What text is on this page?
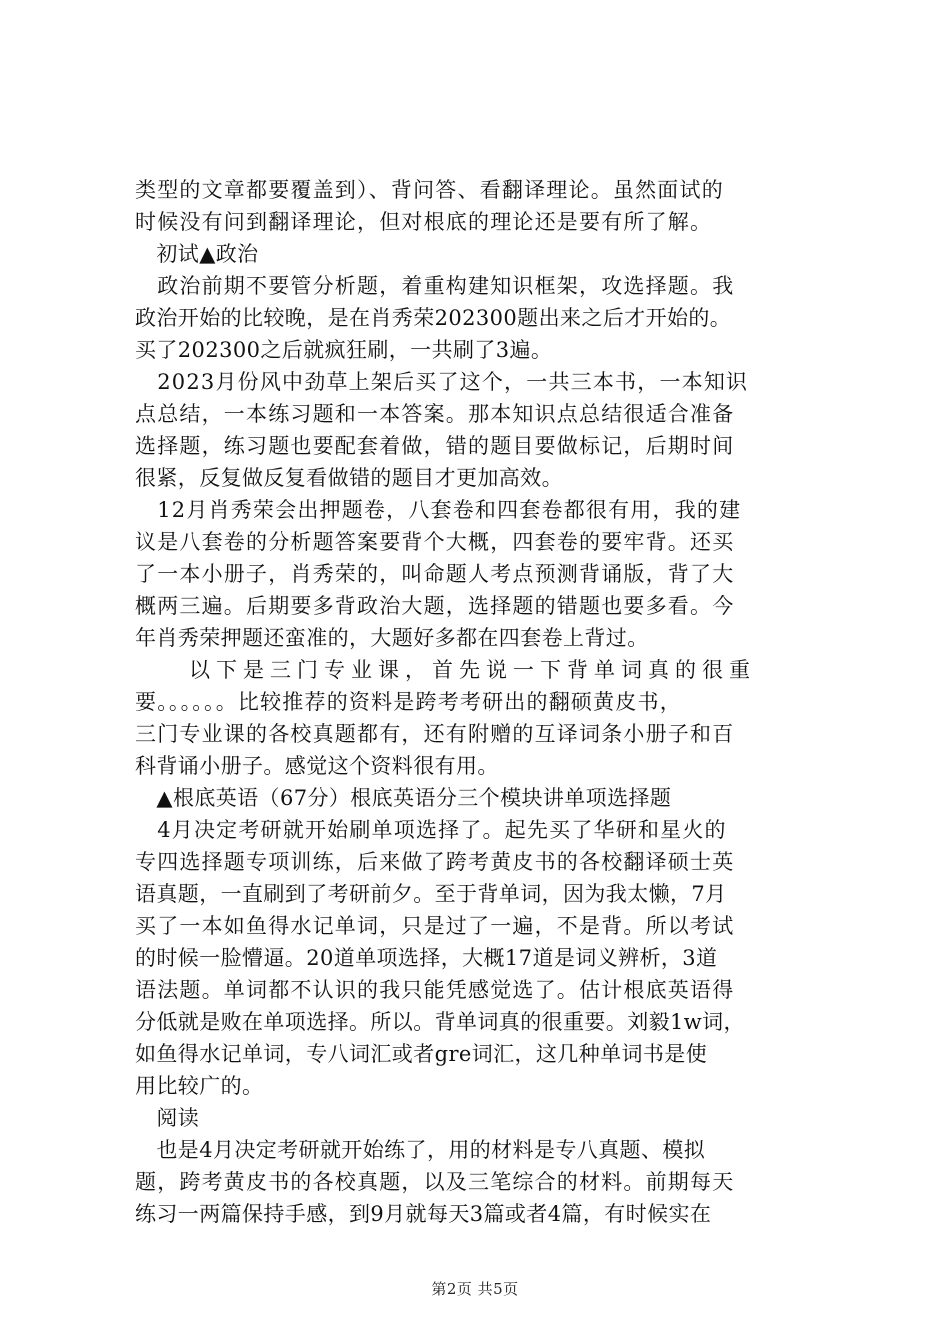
类型的文章都要覆盖到）、背问答、看翻译理论。虽然面试的
时候没有问到翻译理论，但对根底的理论还是要有所了解。
　初试▲政治
　政治前期不要管分析题，着重构建知识框架，攻选择题。我
政治开始的比较晚，是在肖秀荣202300题出来之后才开始的。
买了202300之后就疯狂刷，一共刷了3遍。
　2023月份风中劲草上架后买了这个，一共三本书，一本知识
点总结，一本练习题和一本答案。那本知识点总结很适合准备
选择题，练习题也要配套着做，错的题目要做标记，后期时间
很紧，反复做反复看做错的题目才更加高效。
　12月肖秀荣会出押题卷，八套卷和四套卷都很有用，我的建
议是八套卷的分析题答案要背个大概，四套卷的要牢背。还买
了一本小册子，肖秀荣的，叫命题人考点预测背诵版，背了大
概两三遍。后期要多背政治大题，选择题的错题也要多看。今
年肖秀荣押题还蛮准的，大题好多都在四套卷上背过。
　　以下是三门专业课，首先说一下背单词真的很重
要。。。。。。比较推荐的资料是跨考考研出的翻硕黄皮书，
三门专业课的各校真题都有，还有附赠的互译词条小册子和百
科背诵小册子。感觉这个资料很有用。
　▲根底英语（67分）根底英语分三个模块讲单项选择题
　4月决定考研就开始刷单项选择了。起先买了华研和星火的
专四选择题专项训练，后来做了跨考黄皮书的各校翻译硕士英
语真题，一直刷到了考研前夕。至于背单词，因为我太懒，7月
买了一本如鱼得水记单词，只是过了一遍，不是背。所以考试
的时候一脸懵逼。20道单项选择，大概17道是词义辨析，3道
语法题。单词都不认识的我只能凭感觉选了。估计根底英语得
分低就是败在单项选择。所以。背单词真的很重要。刘毅1w词，
如鱼得水记单词，专八词汇或者gre词汇，这几种单词书是使
用比较广的。
　阅读
　也是4月决定考研就开始练了，用的材料是专八真题、模拟
题，跨考黄皮书的各校真题，以及三笔综合的材料。前期每天
练习一两篇保持手感，到9月就每天3篇或者4篇，有时候实在
第2页 共5页
